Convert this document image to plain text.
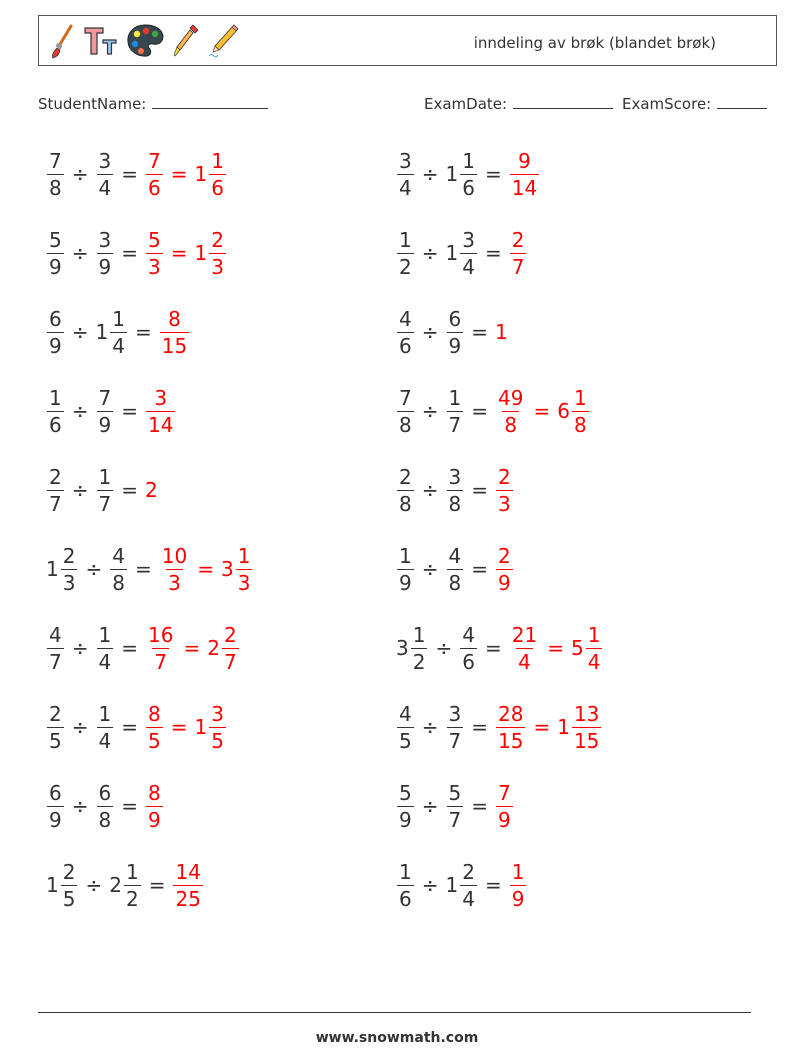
inndeling av brøk (blandet brøk)
StudentName:	ExamDate:	ExamScore:
$\frac{7}{8} \div \frac{3}{4} = \frac{7}{6} = 1 \frac{1}{6}$	$\frac{3}{4} \div 1 \frac{1}{6} = \frac{9}{14}$
$\frac{5}{9} \div \frac{3}{9} = \frac{5}{3} = 1 \frac{2}{3}$	$\frac{1}{2} \div 1 \frac{3}{4} = \frac{2}{7}$
$\frac{6}{9} \div 1 \frac{1}{4} = \frac{8}{15}$	$\frac{4}{6} \div \frac{6}{9} = 1$
$\frac{1}{6} \div \frac{7}{9} = \frac{3}{14}$	$\frac{7}{8} \div \frac{1}{7} = \frac{49}{8} = 6 \frac{1}{8}$
$\frac{2}{7} \div \frac{1}{7} = 2$	$\frac{2}{8} \div \frac{3}{8} = \frac{2}{3}$
$1 \frac{2}{3} \div \frac{4}{8} = \frac{10}{3} = 3 \frac{1}{3}$	$\frac{1}{9} \div \frac{4}{8} = \frac{2}{9}$
$\frac{4}{7} \div \frac{1}{4} = \frac{16}{7} = 2 \frac{2}{7}$	$3 \frac{1}{2} \div \frac{4}{6} = \frac{21}{4} = 5 \frac{1}{4}$
$\frac{2}{5} \div \frac{1}{4} = \frac{8}{5} = 1 \frac{3}{5}$	$\frac{4}{5} \div \frac{3}{7} = \frac{28}{15} = 1 \frac{13}{15}$
$\frac{6}{9} \div \frac{6}{8} = \frac{8}{9}$	$\frac{5}{9} \div \frac{5}{7} = \frac{7}{9}$
$1 \frac{2}{5} \div 2 \frac{1}{2} = \frac{14}{25}$	$\frac{1}{6} \div 1 \frac{2}{4} = \frac{1}{9}$
www.snowmath.com
